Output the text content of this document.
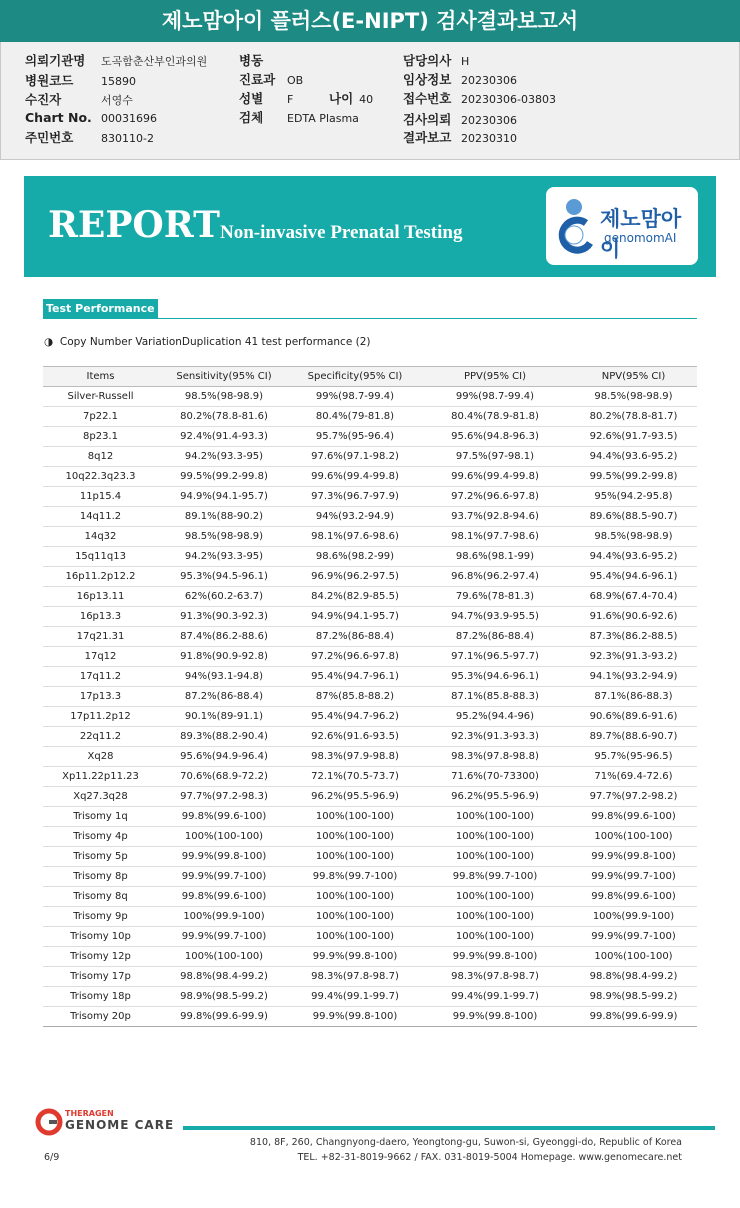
제노맘아이 플러스(E-NIPT) 검사결과보고서
의뢰기관명 도곡함춘산부인과의원
병원코드	15890
수진자	서영수
Chart No. 00031696
주민번호	830110-2
병동
진료과 OB
성별 F	나이 40
검체 EDTA Plasma
담당의사 H
임상정보 20230306
접수번호 20230306-03803
검사의뢰 20230306
결과보고 20230310
REPORT Non-invasive Prenatal Testing
제노맘아이
genomomAI
Test Performance
◑ Copy Number VariationDuplication 41 test performance (2)
Items	Sensitivity(95% CI)	Specificity(95% CI)	PPV(95% CI)	NPV(95% CI)
Silver-Russell	98.5%(98-98.9)	99%(98.7-99.4)	99%(98.7-99.4)	98.5%(98-98.9)
7p22.1	80.2%(78.8-81.6)	80.4%(79-81.8)	80.4%(78.9-81.8)	80.2%(78.8-81.7)
8p23.1	92.4%(91.4-93.3)	95.7%(95-96.4)	95.6%(94.8-96.3)	92.6%(91.7-93.5)
8q12	94.2%(93.3-95)	97.6%(97.1-98.2)	97.5%(97-98.1)	94.4%(93.6-95.2)
10q22.3q23.3	99.5%(99.2-99.8)	99.6%(99.4-99.8)	99.6%(99.4-99.8)	99.5%(99.2-99.8)
11p15.4	94.9%(94.1-95.7)	97.3%(96.7-97.9)	97.2%(96.6-97.8)	95%(94.2-95.8)
14q11.2	89.1%(88-90.2)	94%(93.2-94.9)	93.7%(92.8-94.6)	89.6%(88.5-90.7)
14q32	98.5%(98-98.9)	98.1%(97.6-98.6)	98.1%(97.7-98.6)	98.5%(98-98.9)
15q11q13	94.2%(93.3-95)	98.6%(98.2-99)	98.6%(98.1-99)	94.4%(93.6-95.2)
16p11.2p12.2	95.3%(94.5-96.1)	96.9%(96.2-97.5)	96.8%(96.2-97.4)	95.4%(94.6-96.1)
16p13.11	62%(60.2-63.7)	84.2%(82.9-85.5)	79.6%(78-81.3)	68.9%(67.4-70.4)
16p13.3	91.3%(90.3-92.3)	94.9%(94.1-95.7)	94.7%(93.9-95.5)	91.6%(90.6-92.6)
17q21.31	87.4%(86.2-88.6)	87.2%(86-88.4)	87.2%(86-88.4)	87.3%(86.2-88.5)
17q12	91.8%(90.9-92.8)	97.2%(96.6-97.8)	97.1%(96.5-97.7)	92.3%(91.3-93.2)
17q11.2	94%(93.1-94.8)	95.4%(94.7-96.1)	95.3%(94.6-96.1)	94.1%(93.2-94.9)
17p13.3	87.2%(86-88.4)	87%(85.8-88.2)	87.1%(85.8-88.3)	87.1%(86-88.3)
17p11.2p12	90.1%(89-91.1)	95.4%(94.7-96.2)	95.2%(94.4-96)	90.6%(89.6-91.6)
22q11.2	89.3%(88.2-90.4)	92.6%(91.6-93.5)	92.3%(91.3-93.3)	89.7%(88.6-90.7)
Xq28	95.6%(94.9-96.4)	98.3%(97.9-98.8)	98.3%(97.8-98.8)	95.7%(95-96.5)
Xp11.22p11.23	70.6%(68.9-72.2)	72.1%(70.5-73.7)	71.6%(70-73300)	71%(69.4-72.6)
Xq27.3q28	97.7%(97.2-98.3)	96.2%(95.5-96.9)	96.2%(95.5-96.9)	97.7%(97.2-98.2)
Trisomy 1q	99.8%(99.6-100)	100%(100-100)	100%(100-100)	99.8%(99.6-100)
Trisomy 4p	100%(100-100)	100%(100-100)	100%(100-100)	100%(100-100)
Trisomy 5p	99.9%(99.8-100)	100%(100-100)	100%(100-100)	99.9%(99.8-100)
Trisomy 8p	99.9%(99.7-100)	99.8%(99.7-100)	99.8%(99.7-100)	99.9%(99.7-100)
Trisomy 8q	99.8%(99.6-100)	100%(100-100)	100%(100-100)	99.8%(99.6-100)
Trisomy 9p	100%(99.9-100)	100%(100-100)	100%(100-100)	100%(99.9-100)
Trisomy 10p	99.9%(99.7-100)	100%(100-100)	100%(100-100)	99.9%(99.7-100)
Trisomy 12p	100%(100-100)	99.9%(99.8-100)	99.9%(99.8-100)	100%(100-100)
Trisomy 17p	98.8%(98.4-99.2)	98.3%(97.8-98.7)	98.3%(97.8-98.7)	98.8%(98.4-99.2)
Trisomy 18p	98.9%(98.5-99.2)	99.4%(99.1-99.7)	99.4%(99.1-99.7)	98.9%(98.5-99.2)
Trisomy 20p	99.8%(99.6-99.9)	99.9%(99.8-100)	99.9%(99.8-100)	99.8%(99.6-99.9)
THERAGEN
GENOME CARE
810, 8F, 260, Changnyong-daero, Yeongtong-gu, Suwon-si, Gyeonggi-do, Republic of Korea
TEL. +82-31-8019-9662 / FAX. 031-8019-5004 Homepage. www.genomecare.net
6/9
